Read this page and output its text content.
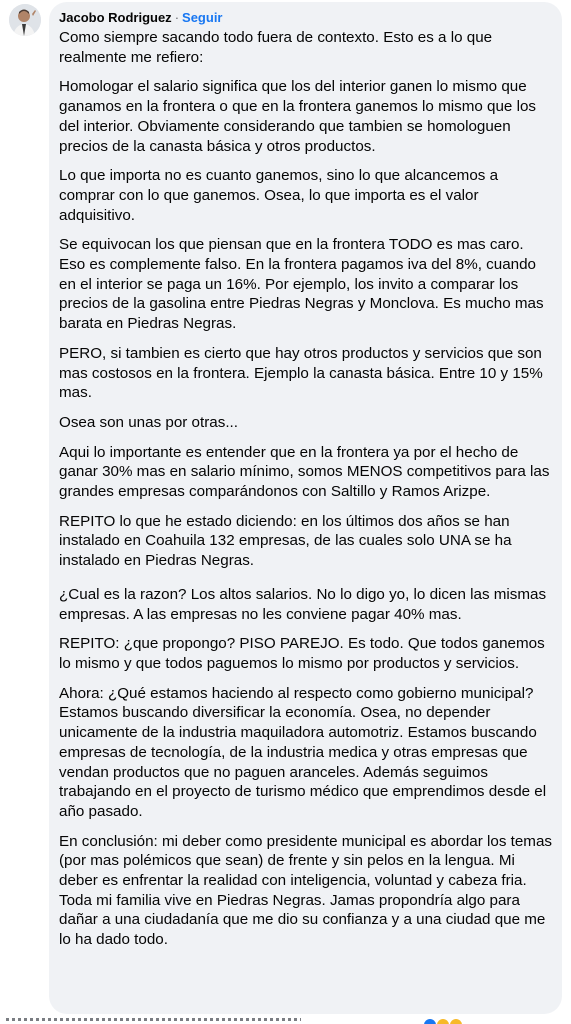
Jacobo Rodriguez · Seguir

Como siempre sacando todo fuera de contexto. Esto es a lo que realmente me refiero:

Homologar el salario significa que los del interior ganen lo mismo que ganamos en la frontera o que en la frontera ganemos lo mismo que los del interior. Obviamente considerando que tambien se homologuen precios de la canasta básica y otros productos.

Lo que importa no es cuanto ganemos, sino lo que alcancemos a comprar con lo que ganemos. Osea, lo que importa es el valor adquisitivo.

Se equivocan los que piensan que en la frontera TODO es mas caro. Eso es complemente falso. En la frontera pagamos iva del 8%, cuando en el interior se paga un 16%. Por ejemplo, los invito a comparar los precios de la gasolina entre Piedras Negras y Monclova. Es mucho mas barata en Piedras Negras.

PERO, si tambien es cierto que hay otros productos y servicios que son mas costosos en la frontera. Ejemplo la canasta básica. Entre 10 y 15% mas.

Osea son unas por otras...

Aqui lo importante es entender que en la frontera ya por el hecho de ganar 30% mas en salario mínimo, somos MENOS competitivos para las grandes empresas comparándonos con Saltillo y Ramos Arizpe.

REPITO lo que he estado diciendo: en los últimos dos años se han instalado en Coahuila 132 empresas, de las cuales solo UNA se ha instalado en Piedras Negras.

¿Cual es la razon? Los altos salarios. No lo digo yo, lo dicen las mismas empresas. A las empresas no les conviene pagar 40% mas.

REPITO: ¿que propongo? PISO PAREJO. Es todo. Que todos ganemos lo mismo y que todos paguemos lo mismo por productos y servicios.

Ahora: ¿Qué estamos haciendo al respecto como gobierno municipal? Estamos buscando diversificar la economía. Osea, no depender unicamente de la industria maquiladora automotriz. Estamos buscando empresas de tecnología, de la industria medica y otras empresas que vendan productos que no paguen aranceles. Además seguimos trabajando en el proyecto de turismo médico que emprendimos desde el año pasado.

En conclusión: mi deber como presidente municipal es abordar los temas (por mas polémicos que sean) de frente y sin pelos en la lengua. Mi deber es enfrentar la realidad con inteligencia, voluntad y cabeza fria. Toda mi familia vive en Piedras Negras. Jamas propondría algo para dañar a una ciudadanía que me dio su confianza y a una ciudad que me lo ha dado todo.
